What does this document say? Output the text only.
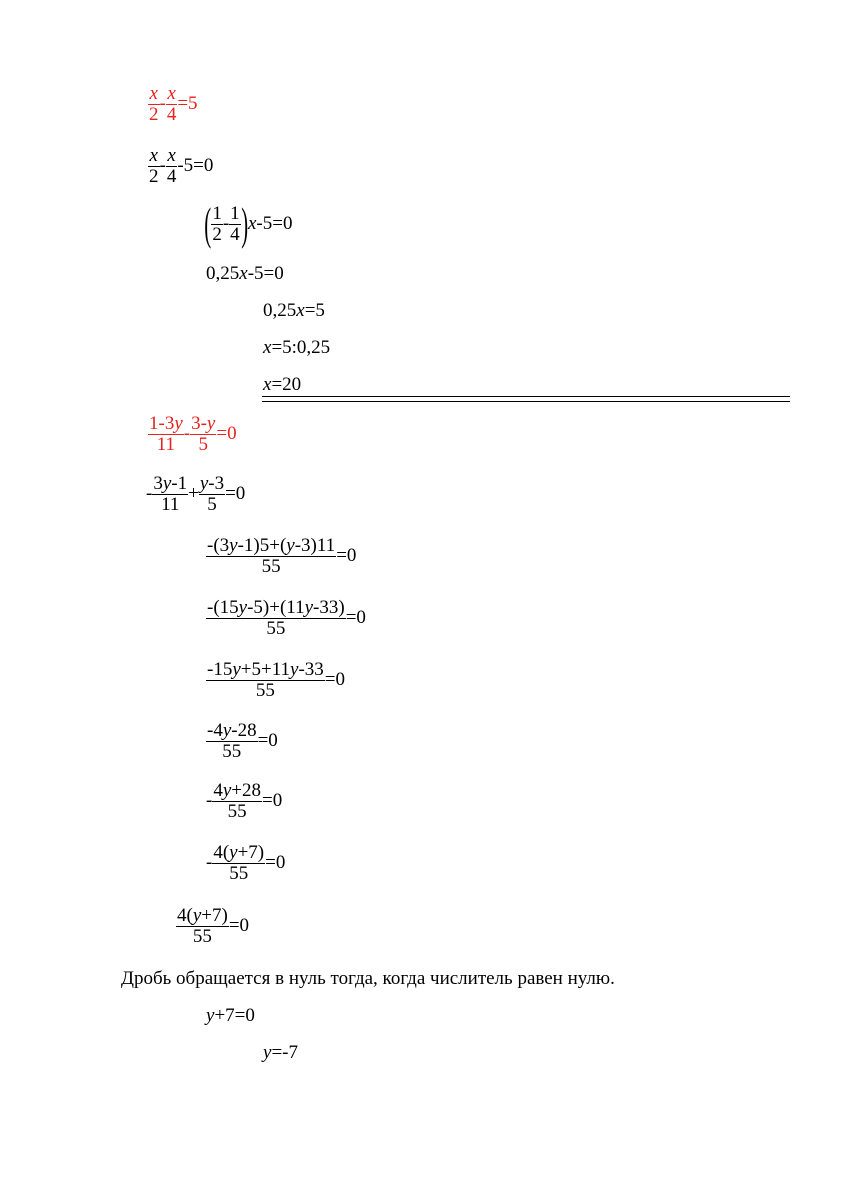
$\frac{x}{2} - \frac{x}{4} =5$
$\frac{x}{2} - \frac{x}{4} -5=0$
( $\frac{1}{2} - \frac{1}{4} )x-5=0$
0,25x-5=0
0,25x=5
x=5:0,25
x=20
$\frac{1-3y}{11} - \frac{3-y}{5} =0$
- $\frac{3y-1}{11} + \frac{y-3}{5} =0$
$\frac{-(3y-1)5+(y-3)11}{55} =0$
$\frac{-(15y-5)+(11y-33)}{55} =0$
$\frac{-15y+5+11y-33}{55} =0$
$\frac{-4y-28}{55} =0$
- $\frac{4y+28}{55} =0$
- $\frac{4(y+7)}{55} =0$
$\frac{4(y+7)}{55} =0$
Дробь обращается в нуль тогда, когда числитель равен нулю.
y+7=0
y=-7
